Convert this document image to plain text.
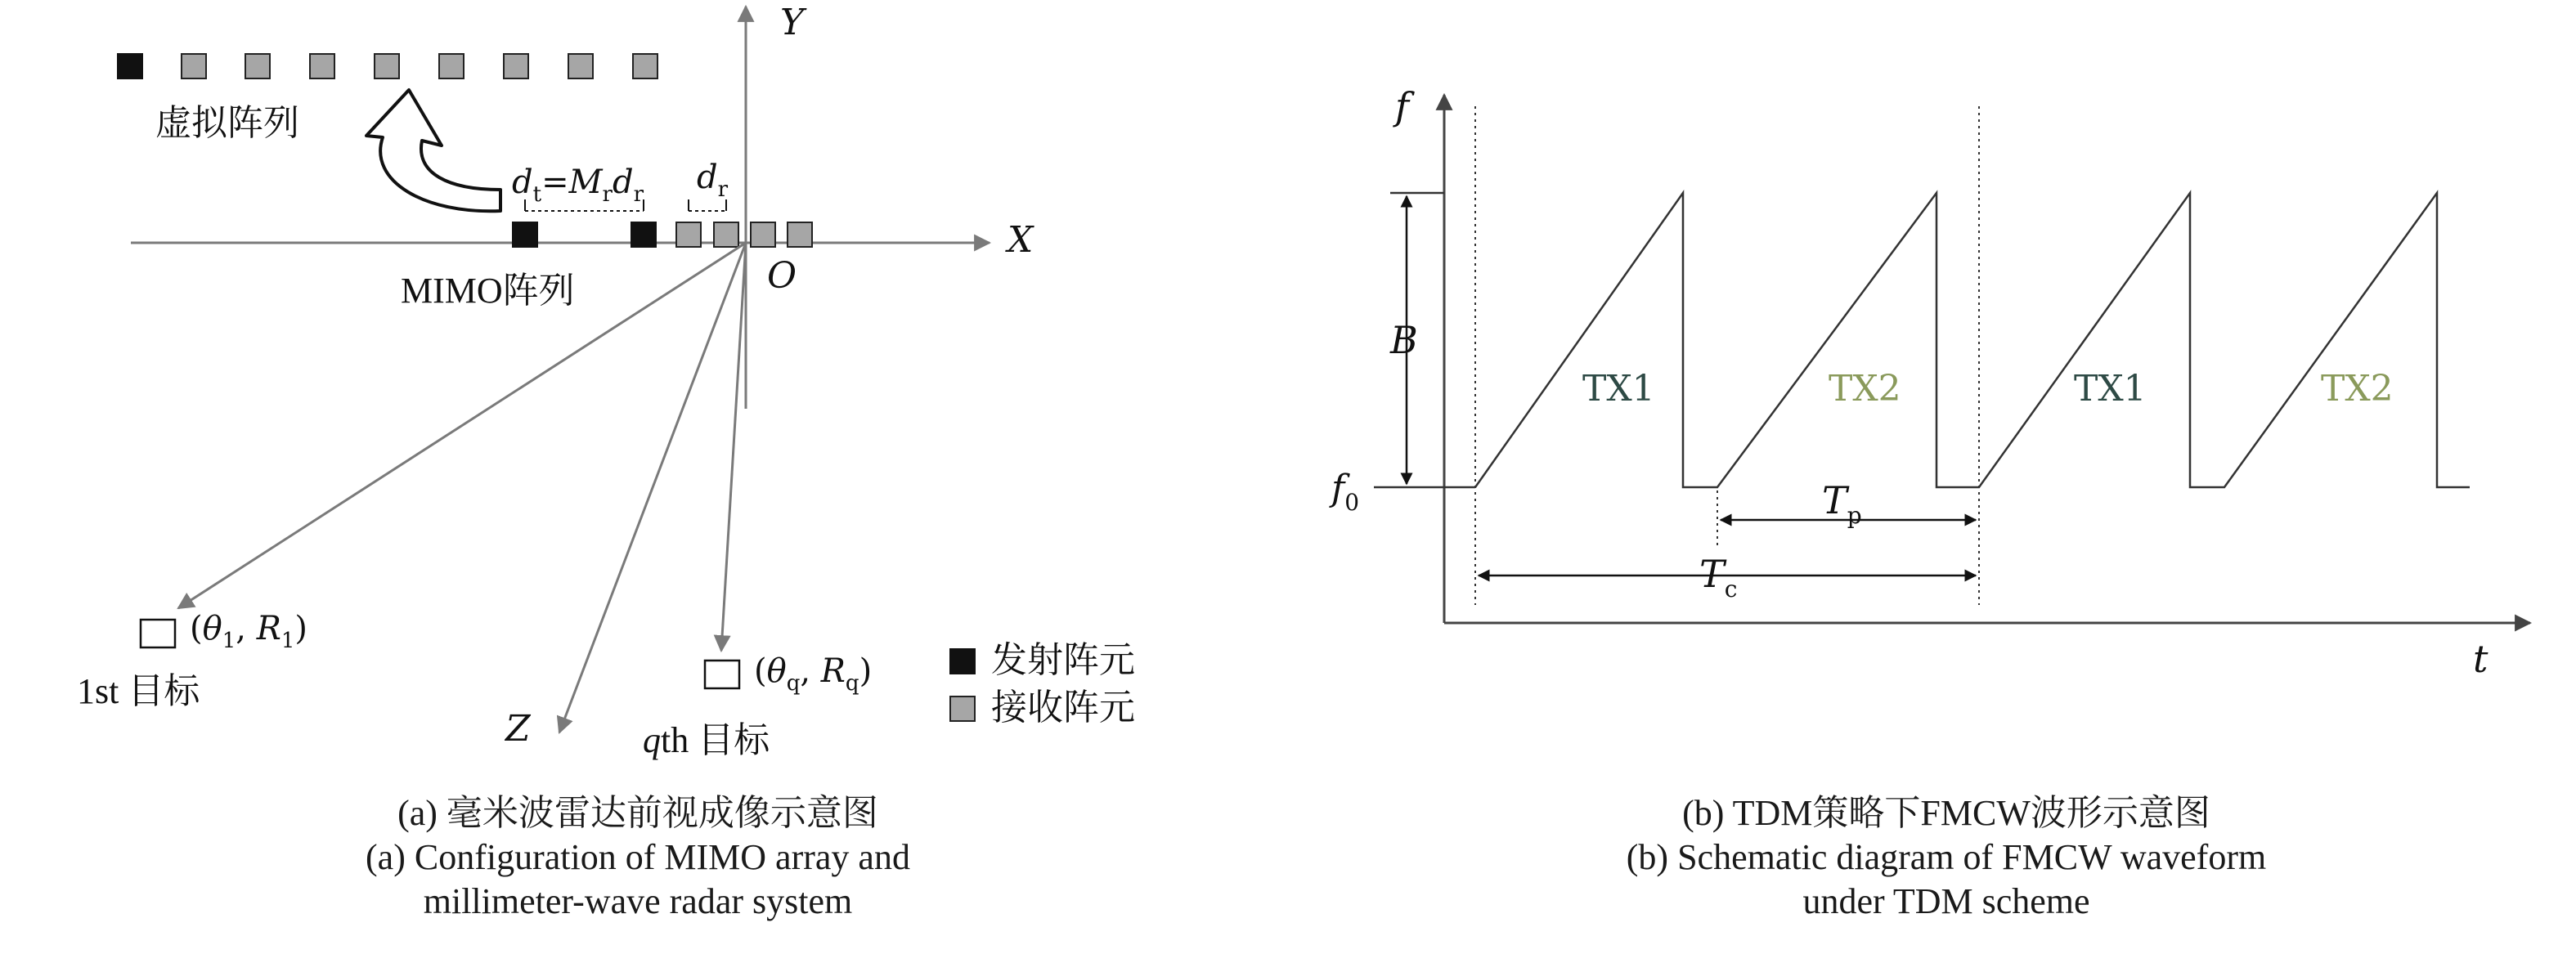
虚拟阵列
X
Y
O
MIMO阵列
$d_t=M_rd_r$ $d_r$
Z
($\theta_1$, $R_1$)
1st 目标	($\theta_q$, $R_q$)
qth 目标
发射阵元
接收阵元
f
t
$f_0$
B
TX1	TX2	TX1	TX2
$T_p$
$T_c$
(a) 毫米波雷达前视成像示意图
(a) Configuration of MIMO array and
millimeter-wave radar system
(b) TDM策略下FMCW波形示意图
(b) Schematic diagram of FMCW waveform
under TDM scheme
